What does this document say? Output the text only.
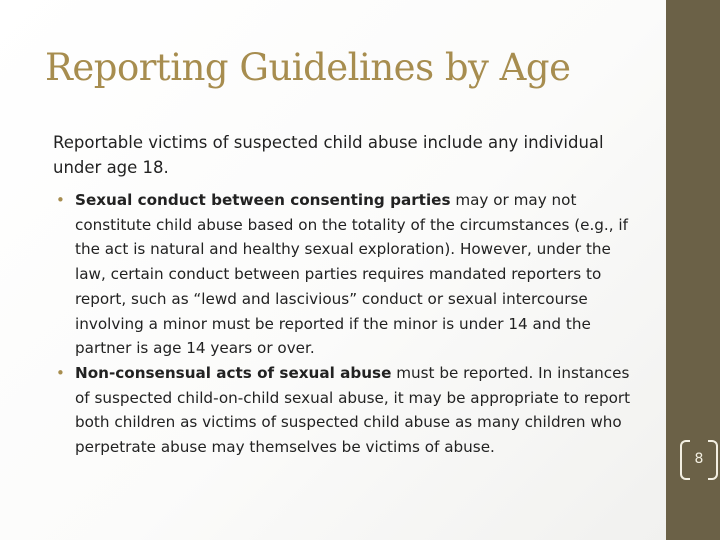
Reporting Guidelines by Age
Reportable victims of suspected child abuse include any individual under age 18.
• Sexual conduct between consenting parties may or may not constitute child abuse based on the totality of the circumstances (e.g., if the act is natural and healthy sexual exploration). However, under the law, certain conduct between parties requires mandated reporters to report, such as “lewd and lascivious” conduct or sexual intercourse involving a minor must be reported if the minor is under 14 and the partner is age 14 years or over.
• Non-consensual acts of sexual abuse must be reported. In instances of suspected child-on-child sexual abuse, it may be appropriate to report both children as victims of suspected child abuse as many children who perpetrate abuse may themselves be victims of abuse.
8
